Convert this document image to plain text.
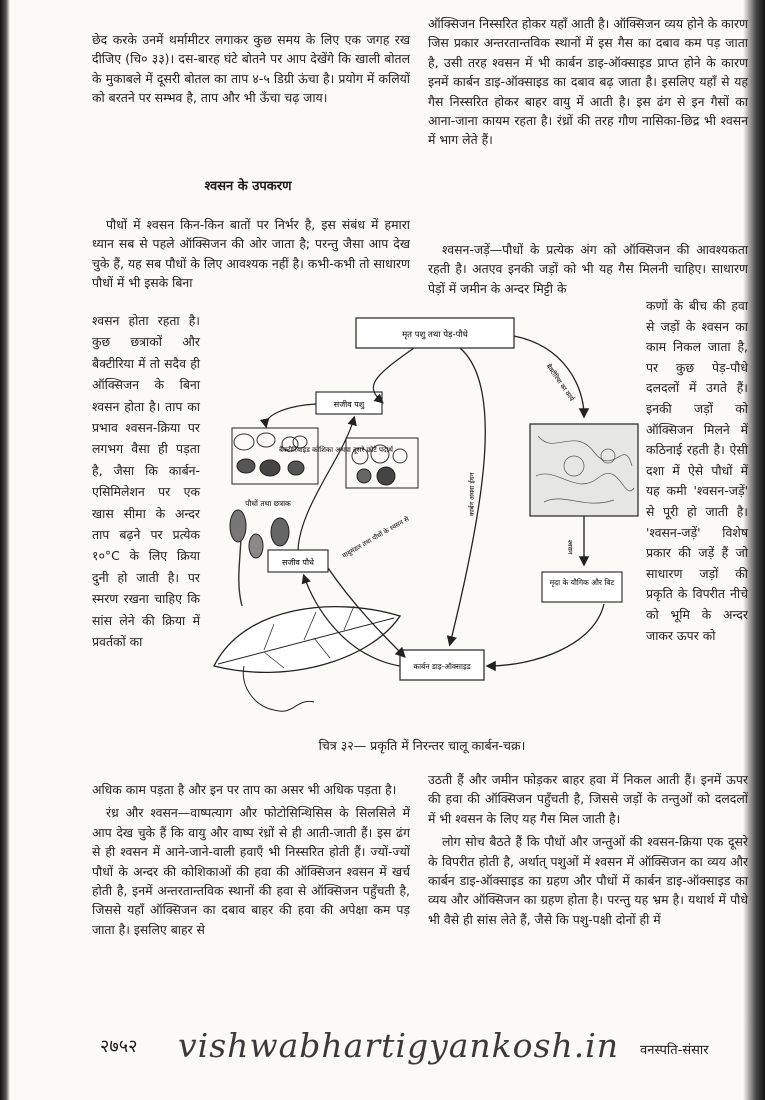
छेद करके उनमें थर्मामीटर लगाकर कुछ समय के लिए एक जगह रख दीजिए (चि० ३३)। दस-बारह घंटे बोतने पर आप देखेंगे कि खाली बोतल के मुकाबले में दूसरी बोतल का ताप ४-५ डिग्री ऊंचा है। प्रयोग में कलियों को बरतने पर सम्भव है, ताप और भी ऊँचा चढ़ जाय।

श्वसन के उपकरण

पौधों में श्वसन किन-किन बातों पर निर्भर है, इस संबंध में हमारा ध्यान सब से पहले ऑक्सिजन की ओर जाता है; परन्तु जैसा आप देख चुके हैं, यह सब पौधों के लिए आवश्यक नहीं है। कभी-कभी तो साधारण पौधों में भी इसके बिना

श्वसन होता रहता है। कुछ छत्राकों और बैक्टीरिया में तो सदैव ही ऑक्सिजन के बिना श्वसन होता है। ताप का प्रभाव श्वसन-क्रिया पर लगभग वैसा ही पड़ता है, जैसा कि कार्बन-एसिमिलेशन पर एक खास सीमा के अन्दर ताप बढ़ने पर प्रत्येक १०°C के लिए क्रिया दुनी हो जाती है। पर स्मरण रखना चाहिए कि सांस लेने की क्रिया में प्रवर्तकों का

ऑक्सिजन निस्सरित होकर यहाँ आती है। ऑक्सिजन व्यय होने के कारण जिस प्रकार अन्तरतान्तविक स्थानों में इस गैस का दबाव कम पड़ जाता है, उसी तरह श्वसन में भी कार्बन डाइ-ऑक्साइड प्राप्त होने के कारण इनमें कार्बन डाइ-ऑक्साइड का दबाव बढ़ जाता है। इसलिए यहाँ से यह गैस निस्सरित होकर बाहर वायु में आती है। इस ढंग से इन गैसों का आना-जाना कायम रहता है। रंध्रों की तरह गौण नासिका-छिद्र भी श्वसन में भाग लेते हैं।

श्वसन-जड़ें—पौधों के प्रत्येक अंग को ऑक्सिजन की आवश्यकता रहती है। अतएव इनकी जड़ों को भी यह गैस मिलनी चाहिए। साधारण पेड़ों में जमीन के अन्दर मिट्टी के

कणों के बीच की हवा से जड़ों के श्वसन का काम निकल जाता है, पर कुछ पेड़-पौधे दलदलों में उगते हैं। इनकी जड़ों को ऑक्सिजन मिलने में कठिनाई रहती है। ऐसी दशा में ऐसे पौधों में यह कमी 'श्वसन-जड़ें' से पूरी हो जाती है। 'श्वसन-जड़ें' विशेष प्रकार की जड़ें हैं जो साधारण जड़ों की प्रकृति के विपरीत नीचे को भूमि के अन्दर जाकर ऊपर को

मृत पशु तथा पेड़-पौधे
सजीव पशु
बैक्टीरियाइड कोशिका अथवा दूसरे छोटे पदार्थ
पौधों तथा छत्राक
सजीव पौधे
मृदा के यौगिक और बिट
कार्बन डाइ-ऑक्साइड
बैक्टीरिया का कार्य
श्वसन
कार्बन अथवा ईंधन
वायुमंडल तथा पौधों के श्वसन से
चित्र ३२— प्रकृति में निरन्तर चालू कार्बन-चक्र।

अधिक काम पड़ता है और इन पर ताप का असर भी अधिक पड़ता है।

रंध्र और श्वसन—वाष्पत्याग और फोटोसिन्थिसिस के सिलसिले में आप देख चुके हैं कि वायु और वाष्प रंध्रों से ही आती-जाती हैं। इस ढंग से ही श्वसन में आने-जाने-वाली हवाएँ भी निस्सरित होती हैं। ज्यों-ज्यों पौधों के अन्दर की कोशिकाओं की हवा की ऑक्सिजन श्वसन में खर्च होती है, इनमें अन्तरतान्तविक स्थानों की हवा से ऑक्सिजन पहुँचती है, जिससे यहाँ ऑक्सिजन का दबाव बाहर की हवा की अपेक्षा कम पड़ जाता है। इसलिए बाहर से

उठती हैं और जमीन फोड़कर बाहर हवा में निकल आती हैं। इनमें ऊपर की हवा की ऑक्सिजन पहुँचती है, जिससे जड़ों के तन्तुओं को दलदलों में भी श्वसन के लिए यह गैस मिल जाती है।

लोग सोच बैठते हैं कि पौधों और जन्तुओं की श्वसन-क्रिया एक दूसरे के विपरीत होती है, अर्थात् पशुओं में श्वसन में ऑक्सिजन का व्यय और कार्बन डाइ-ऑक्साइड का ग्रहण और पौधों में कार्बन डाइ-ऑक्साइड का व्यय और ऑक्सिजन का ग्रहण होता है। परन्तु यह भ्रम है। यथार्थ में पौधे भी वैसे ही सांस लेते हैं, जैसे कि पशु-पक्षी दोनों ही में

२७५२ vishwabhartigyankosh.in वनस्पति-संसार
